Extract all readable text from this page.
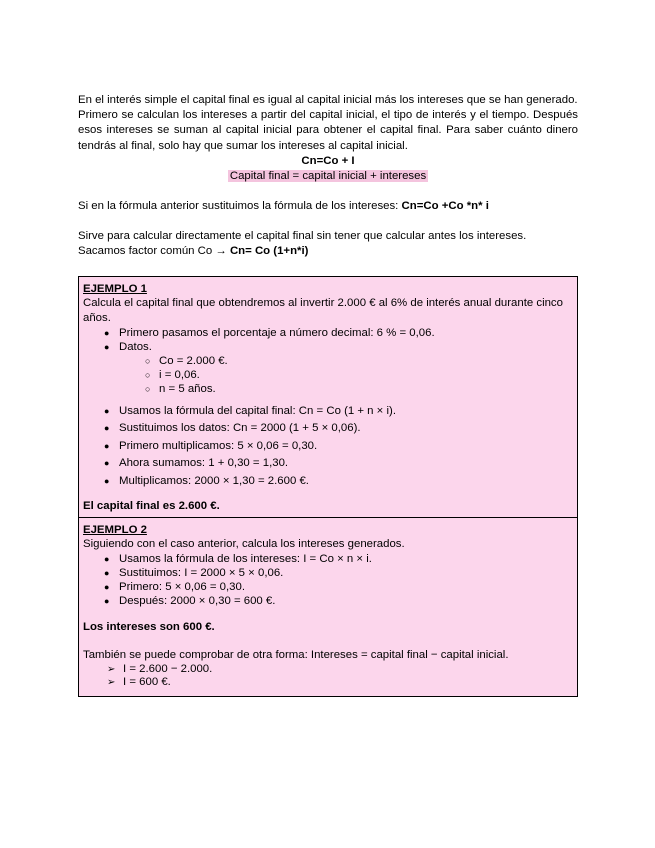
En el interés simple el capital final es igual al capital inicial más los intereses que se han generado.

Primero se calculan los intereses a partir del capital inicial, el tipo de interés y el tiempo. Después esos intereses se suman al capital inicial para obtener el capital final. Para saber cuánto dinero tendrás al final, solo hay que sumar los intereses al capital inicial.

Cn=Co + I

Capital final = capital inicial + intereses

Si en la fórmula anterior sustituimos la fórmula de los intereses: Cn=Co +Co *n* i

Sirve para calcular directamente el capital final sin tener que calcular antes los intereses.

Sacamos factor común Co → Cn= Co (1+n*i)

EJEMPLO 1

Calcula el capital final que obtendremos al invertir 2.000 € al 6% de interés anual durante cinco años.

● Primero pasamos el porcentaje a número decimal: 6 % = 0,06.
● Datos.
○ Co = 2.000 €.
○ i = 0,06.
○ n = 5 años.
● Usamos la fórmula del capital final: Cn = Co (1 + n × i).
● Sustituimos los datos: Cn = 2000 (1 + 5 × 0,06).
● Primero multiplicamos: 5 × 0,06 = 0,30.
● Ahora sumamos: 1 + 0,30 = 1,30.
● Multiplicamos: 2000 × 1,30 = 2.600 €.

El capital final es 2.600 €.

EJEMPLO 2

Siguiendo con el caso anterior, calcula los intereses generados.

● Usamos la fórmula de los intereses: I = Co × n × i.
● Sustituimos: I = 2000 × 5 × 0,06.
● Primero: 5 × 0,06 = 0,30.
● Después: 2000 × 0,30 = 600 €.

Los intereses son 600 €.

También se puede comprobar de otra forma: Intereses = capital final − capital inicial.

➢ I = 2.600 − 2.000.
➢ I = 600 €.
